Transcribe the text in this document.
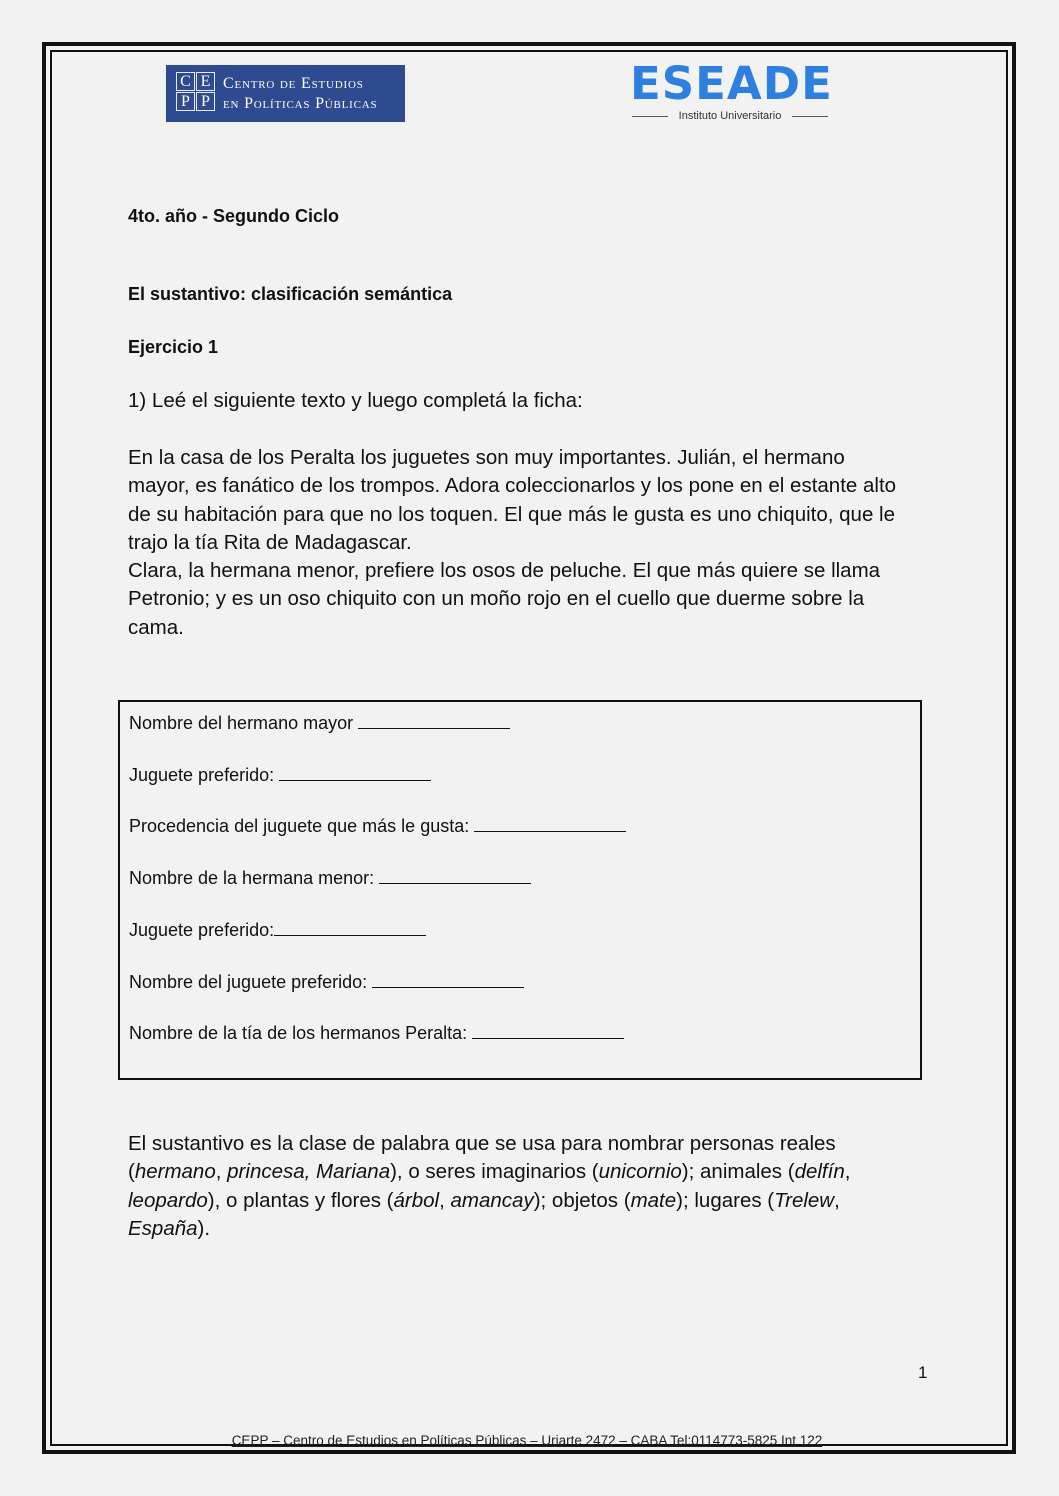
C E
P P
Centro de Estudios
en Políticas Públicas	ESEADE
Instituto Universitario
4to. año - Segundo Ciclo
El sustantivo: clasificación semántica
Ejercicio 1
1) Leé el siguiente texto y luego completá la ficha:
En la casa de los Peralta los juguetes son muy importantes. Julián, el hermano
mayor, es fanático de los trompos. Adora coleccionarlos y los pone en el estante alto
de su habitación para que no los toquen. El que más le gusta es uno chiquito, que le
trajo la tía Rita de Madagascar.
Clara, la hermana menor, prefiere los osos de peluche. El que más quiere se llama
Petronio; y es un oso chiquito con un moño rojo en el cuello que duerme sobre la
cama.
Nombre del hermano mayor
Juguete preferido:
Procedencia del juguete que más le gusta:
Nombre de la hermana menor:
Juguete preferido:
Nombre del juguete preferido:
Nombre de la tía de los hermanos Peralta:
El sustantivo es la clase de palabra que se usa para nombrar personas reales
(hermano, princesa, Mariana), o seres imaginarios (unicornio); animales (delfín,
leopardo), o plantas y flores (árbol, amancay); objetos (mate); lugares (Trelew,
España).
1
CEPP – Centro de Estudios en Políticas Públicas – Uriarte 2472 – CABA Tel:0114773-5825 Int 122
